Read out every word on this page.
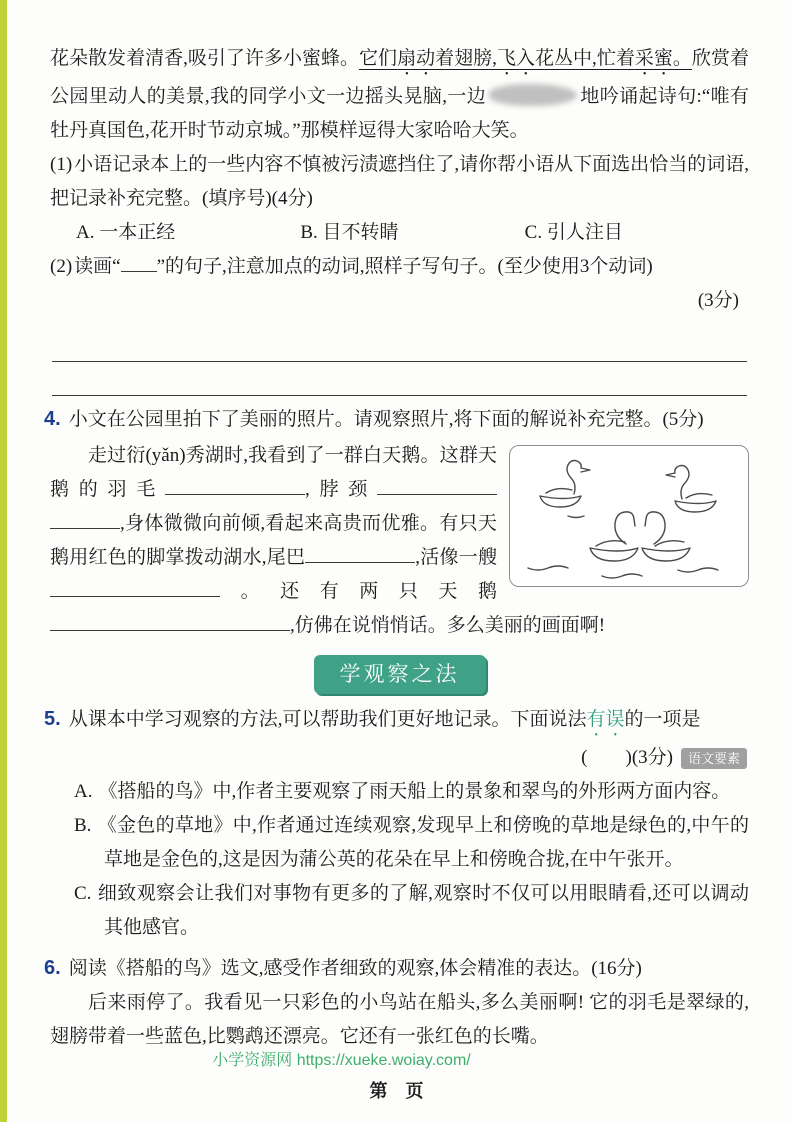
花朵散发着清香,吸引了许多小蜜蜂。它们扇动着翅膀,飞入花丛中,忙着采蜜。欣赏着公园里动人的美景,我的同学小文一边摇头晃脑,一边	地吟诵起诗句:“唯有牡丹真国色,花开时节动京城。”那模样逗得大家哈哈大笑。

(1) 小语记录本上的一些内容不慎被污渍遮挡住了,请你帮小语从下面选出恰当的词语,把记录补充完整。(填序号)(4分)

A. 一本正经	B. 目不转睛	C. 引人注目

(2) 读画“ ”的句子,注意加点的动词,照样子写句子。(至少使用3个动词)

(3分)

4. 小文在公园里拍下了美丽的照片。请观察照片,将下面的解说补充完整。(5分)

走过衍(yǎn)秀湖时,我看到了一群白天鹅。这群天鹅的羽毛	,脖颈,身体微微向前倾,看起来高贵而优雅。有只天鹅用红色的脚掌拨动湖水,尾巴	,活像一艘。还有两只天鹅,仿佛在说悄悄话。多么美丽的画面啊!

学观察之法

5. 从课本中学习观察的方法,可以帮助我们更好地记录。下面说法有误的一项是

(　　)(3分)	语文要素

A. 《搭船的鸟》中,作者主要观察了雨天船上的景象和翠鸟的外形两方面内容。

B. 《金色的草地》中,作者通过连续观察,发现早上和傍晚的草地是绿色的,中午的草地是金色的,这是因为蒲公英的花朵在早上和傍晚合拢,在中午张开。

C. 细致观察会让我们对事物有更多的了解,观察时不仅可以用眼睛看,还可以调动其他感官。

6. 阅读《搭船的鸟》选文,感受作者细致的观察,体会精准的表达。(16分)

后来雨停了。我看见一只彩色的小鸟站在船头,多么美丽啊! 它的羽毛是翠绿的,翅膀带着一些蓝色,比鹦鹉还漂亮。它还有一张红色的长嘴。

小学资源网 https://xueke.woiay.com/
第　页
